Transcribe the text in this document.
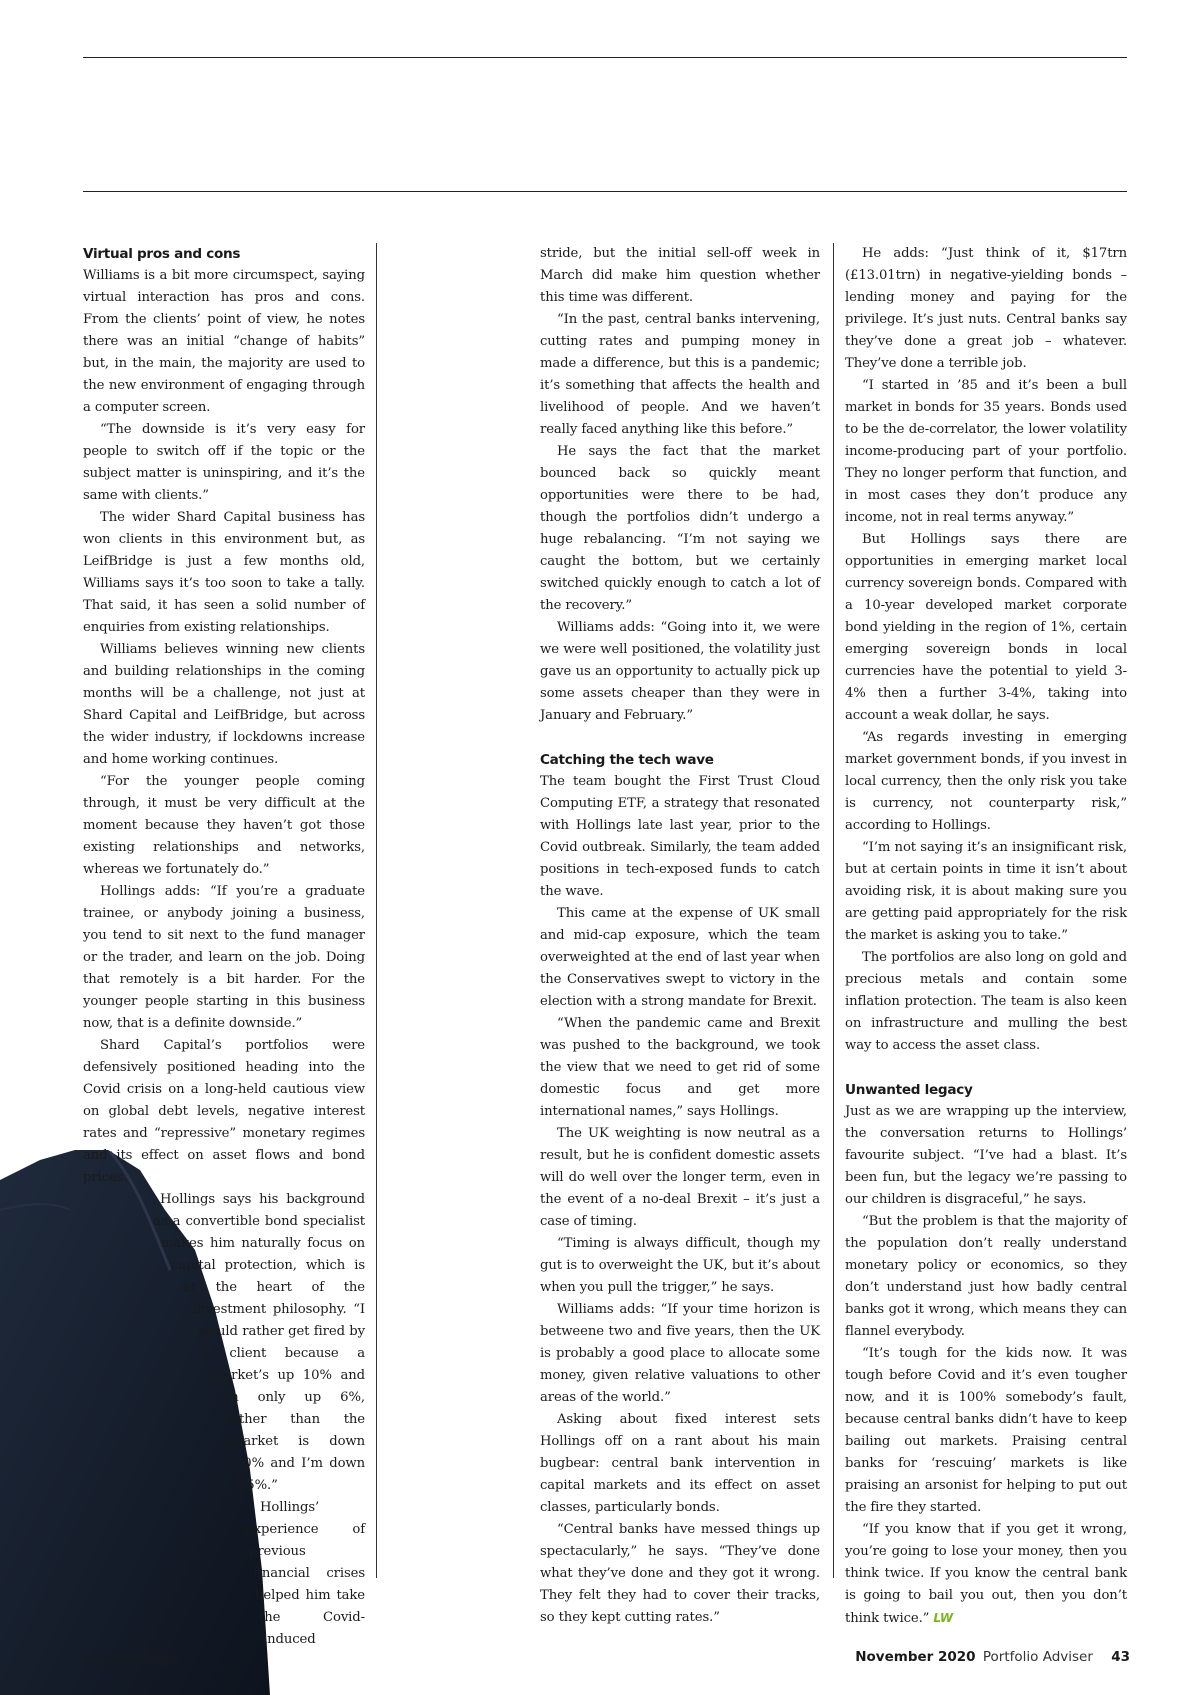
Virtual pros and cons

Williams is a bit more circumspect, saying virtual interaction has pros and cons. From the clients’ point of view, he notes there was an initial “change of habits” but, in the main, the majority are used to the new environment of engaging through a computer screen.

“The downside is it’s very easy for people to switch off if the topic or the subject matter is uninspiring, and it’s the same with clients.”

The wider Shard Capital business has won clients in this environment but, as LeifBridge is just a few months old, Williams says it’s too soon to take a tally. That said, it has seen a solid number of enquiries from existing relationships.

Williams believes winning new clients and building relationships in the coming months will be a challenge, not just at Shard Capital and LeifBridge, but across the wider industry, if lockdowns increase and home working continues.

“For the younger people coming through, it must be very difficult at the moment because they haven’t got those existing relationships and networks, whereas we fortunately do.”

Hollings adds: “If you’re a graduate trainee, or anybody joining a business, you tend to sit next to the fund manager or the trader, and learn on the job. Doing that remotely is a bit harder. For the younger people starting in this business now, that is a definite downside.”

Shard Capital’s portfolios were defensively positioned heading into the Covid crisis on a long-held cautious view on global debt levels, negative interest rates and “repressive” monetary regimes and its effect on asset flows and bond prices.

Hollings says his background as a convertible bond specialist makes him naturally focus on capital protection, which is at the heart of the investment philosophy. “I would rather get fired by a client because a market’s up 10% and I’m only up 6%, rather than the market is down 20% and I’m down 25%.”

Hollings’ experience of previous financial crises helped him take the Covid-induced volatility in his

stride, but the initial sell-off week in March did make him question whether this time was different.

“In the past, central banks intervening, cutting rates and pumping money in made a difference, but this is a pandemic; it’s something that affects the health and livelihood of people. And we haven’t really faced anything like this before.”

He says the fact that the market bounced back so quickly meant opportunities were there to be had, though the portfolios didn’t undergo a huge rebalancing. “I’m not saying we caught the bottom, but we certainly switched quickly enough to catch a lot of the recovery.”

Williams adds: “Going into it, we were we were well positioned, the volatility just gave us an opportunity to actually pick up some assets cheaper than they were in January and February.”

Catching the tech wave

The team bought the First Trust Cloud Computing ETF, a strategy that resonated with Hollings late last year, prior to the Covid outbreak. Similarly, the team added positions in tech-exposed funds to catch the wave.

This came at the expense of UK small and mid-cap exposure, which the team overweighted at the end of last year when the Conservatives swept to victory in the election with a strong mandate for Brexit.

“When the pandemic came and Brexit was pushed to the background, we took the view that we need to get rid of some domestic focus and get more international names,” says Hollings.

The UK weighting is now neutral as a result, but he is confident domestic assets will do well over the longer term, even in the event of a no-deal Brexit – it’s just a case of timing.

“Timing is always difficult, though my gut is to overweight the UK, but it’s about when you pull the trigger,” he says.

Williams adds: “If your time horizon is betweene two and five years, then the UK is probably a good place to allocate some money, given relative valuations to other areas of the world.”

Asking about fixed interest sets Hollings off on a rant about his main bugbear: central bank intervention in capital markets and its effect on asset classes, particularly bonds.

“Central banks have messed things up spectacularly,” he says. “They’ve done what they’ve done and they got it wrong. They felt they had to cover their tracks, so they kept cutting rates.”

He adds: “Just think of it, $17trn (£13.01trn) in negative-yielding bonds – lending money and paying for the privilege. It’s just nuts. Central banks say they’ve done a great job – whatever. They’ve done a terrible job.

“I started in ’85 and it’s been a bull market in bonds for 35 years. Bonds used to be the de-correlator, the lower volatility income-producing part of your portfolio. They no longer perform that function, and in most cases they don’t produce any income, not in real terms anyway.”

But Hollings says there are opportunities in emerging market local currency sovereign bonds. Compared with a 10-year developed market corporate bond yielding in the region of 1%, certain emerging sovereign bonds in local currencies have the potential to yield 3-4% then a further 3-4%, taking into account a weak dollar, he says.

“As regards investing in emerging market government bonds, if you invest in local currency, then the only risk you take is currency, not counterparty risk,” according to Hollings.

“I’m not saying it’s an insignificant risk, but at certain points in time it isn’t about avoiding risk, it is about making sure you are getting paid appropriately for the risk the market is asking you to take.”

The portfolios are also long on gold and precious metals and contain some inflation protection. The team is also keen on infrastructure and mulling the best way to access the asset class.

Unwanted legacy

Just as we are wrapping up the interview, the conversation returns to Hollings’ favourite subject. “I’ve had a blast. It’s been fun, but the legacy we’re passing to our children is disgraceful,” he says.

“But the problem is that the majority of the population don’t really understand monetary policy or economics, so they don’t understand just how badly central banks got it wrong, which means they can flannel everybody.

“It’s tough for the kids now. It was tough before Covid and it’s even tougher now, and it is 100% somebody’s fault, because central banks didn’t have to keep bailing out markets. Praising central banks for ‘rescuing’ markets is like praising an arsonist for helping to put out the fire they started.

“If you know that if you get it wrong, you’re going to lose your money, then you think twice. If you know the central bank is going to bail you out, then you don’t think twice.” LW

November 2020 Portfolio Adviser 43
